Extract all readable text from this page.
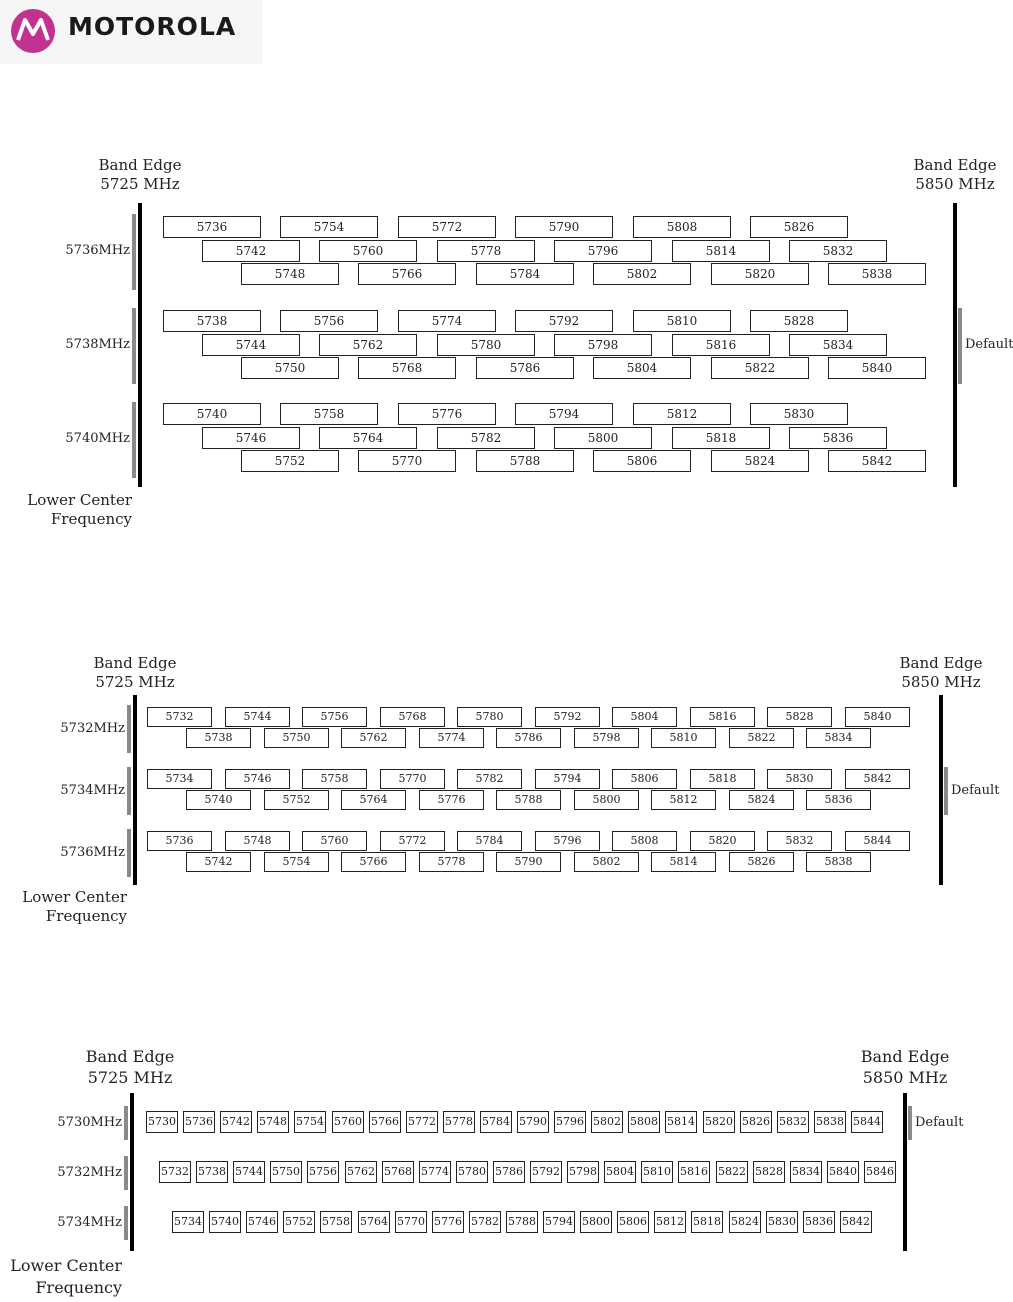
MOTOROLA
Band Edge
5725 MHz
Band Edge
5850 MHz
5736MHz
5738MHz
5740MHz
Default
Lower Center
Frequency
5736	5754	5772	5790	5808	5826
5742	5760	5778	5796	5814	5832
5748	5766	5784	5802	5820	5838
5738	5756	5774	5792	5810	5828
5744	5762	5780	5798	5816	5834
5750	5768	5786	5804	5822	5840
5740	5758	5776	5794	5812	5830
5746	5764	5782	5800	5818	5836
5752	5770	5788	5806	5824	5842
Band Edge
5725 MHz
Band Edge
5850 MHz
5732MHz
5734MHz
5736MHz
Default
Lower Center
Frequency
5732	5744	5756	5768	5780	5792	5804	5816	5828	5840
5738	5750	5762	5774	5786	5798	5810	5822	5834
5734	5746	5758	5770	5782	5794	5806	5818	5830	5842
5740	5752	5764	5776	5788	5800	5812	5824	5836
5736	5748	5760	5772	5784	5796	5808	5820	5832	5844
5742	5754	5766	5778	5790	5802	5814	5826	5838
Band Edge
5725 MHz
Band Edge
5850 MHz
5730MHz
5732MHz
5734MHz
Default
Lower Center
Frequency
5730 5736 5742 5748 5754 5760 5766 5772 5778 5784 5790 5796 5802 5808 5814 5820 5826 5832 5838 5844
5732 5738 5744 5750 5756 5762 5768 5774 5780 5786 5792 5798 5804 5810 5816 5822 5828 5834 5840 5846
5734 5740 5746 5752 5758 5764 5770 5776 5782 5788 5794 5800 5806 5812 5818 5824 5830 5836 5842
